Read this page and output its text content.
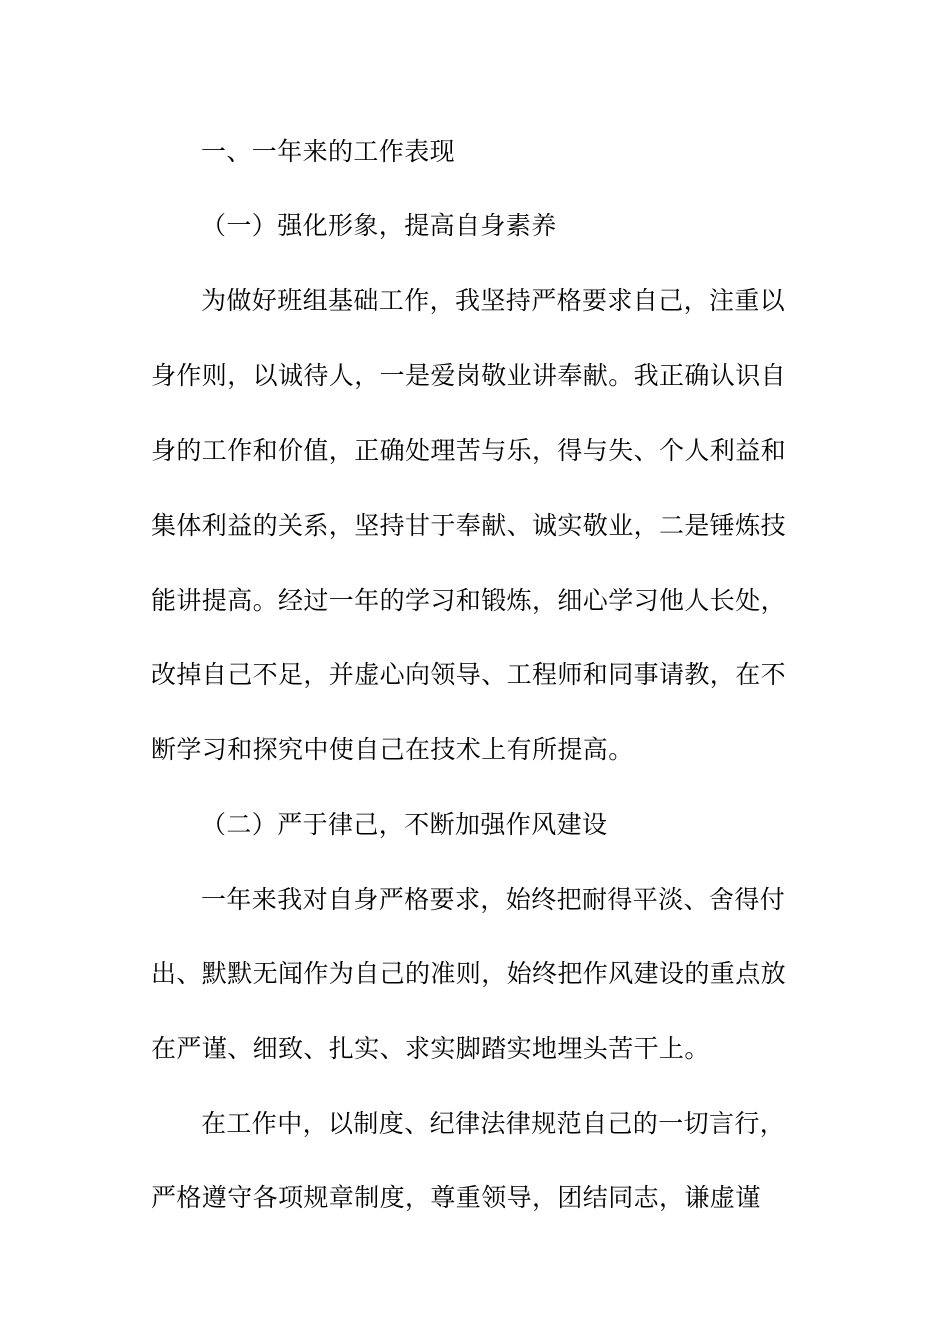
一、一年来的工作表现
（一）强化形象，提高自身素养
为做好班组基础工作，我坚持严格要求自己，注重以
身作则，以诚待人，一是爱岗敬业讲奉献。我正确认识自
身的工作和价值，正确处理苦与乐，得与失、个人利益和
集体利益的关系，坚持甘于奉献、诚实敬业，二是锤炼技
能讲提高。经过一年的学习和锻炼，细心学习他人长处，
改掉自己不足，并虚心向领导、工程师和同事请教，在不
断学习和探究中使自己在技术上有所提高。
（二）严于律己，不断加强作风建设
一年来我对自身严格要求，始终把耐得平淡、舍得付
出、默默无闻作为自己的准则，始终把作风建设的重点放
在严谨、细致、扎实、求实脚踏实地埋头苦干上。
在工作中，以制度、纪律法律规范自己的一切言行，
严格遵守各项规章制度，尊重领导，团结同志，谦虚谨
